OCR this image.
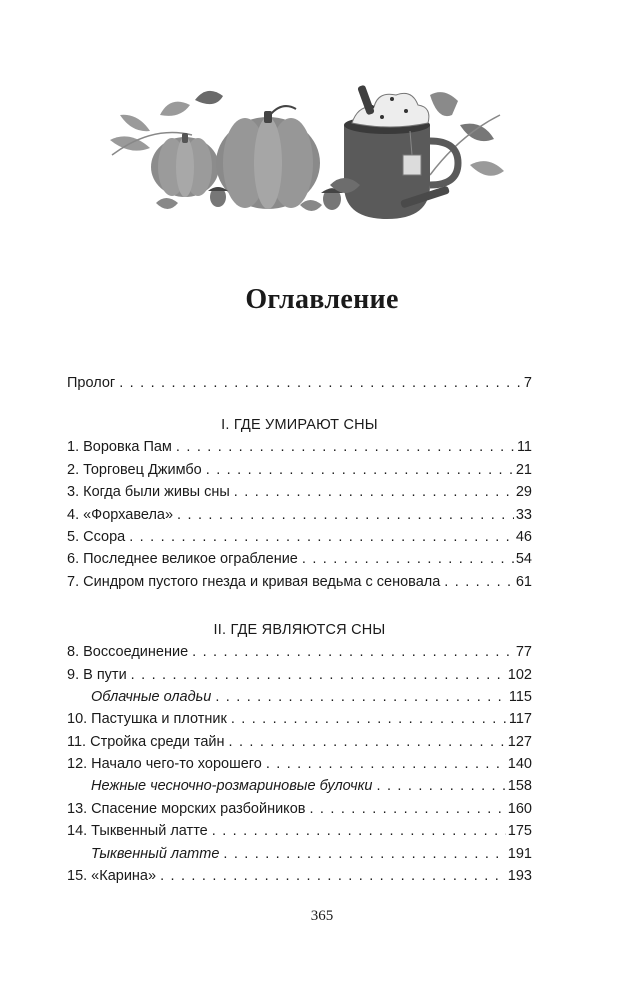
Оглавление
Пролог . . .	7
I. ГДЕ УМИРАЮТ СНЫ
1. Воровка Пам . . .	11
2. Торговец Джимбо . . .	21
3. Когда были живы сны . . .	29
4. «Форхавела» . . .	33
5. Ссора . . .	46
6. Последнее великое ограбление . . .	54
7. Синдром пустого гнезда и кривая ведьма с сеновала . . .	61
II. ГДЕ ЯВЛЯЮТСЯ СНЫ
8. Воссоединение . . .	77
9. В пути . . .	102
Облачные оладьи . . .	115
10. Пастушка и плотник . . .	117
11. Стройка среди тайн . . .	127
12. Начало чего-то хорошего . . .	140
Нежные чесночно-розмариновые булочки . . .	158
13. Спасение морских разбойников . . .	160
14. Тыквенный латте . . .	175
Тыквенный латте . . .	191
15. «Карина» . . .	193
365
